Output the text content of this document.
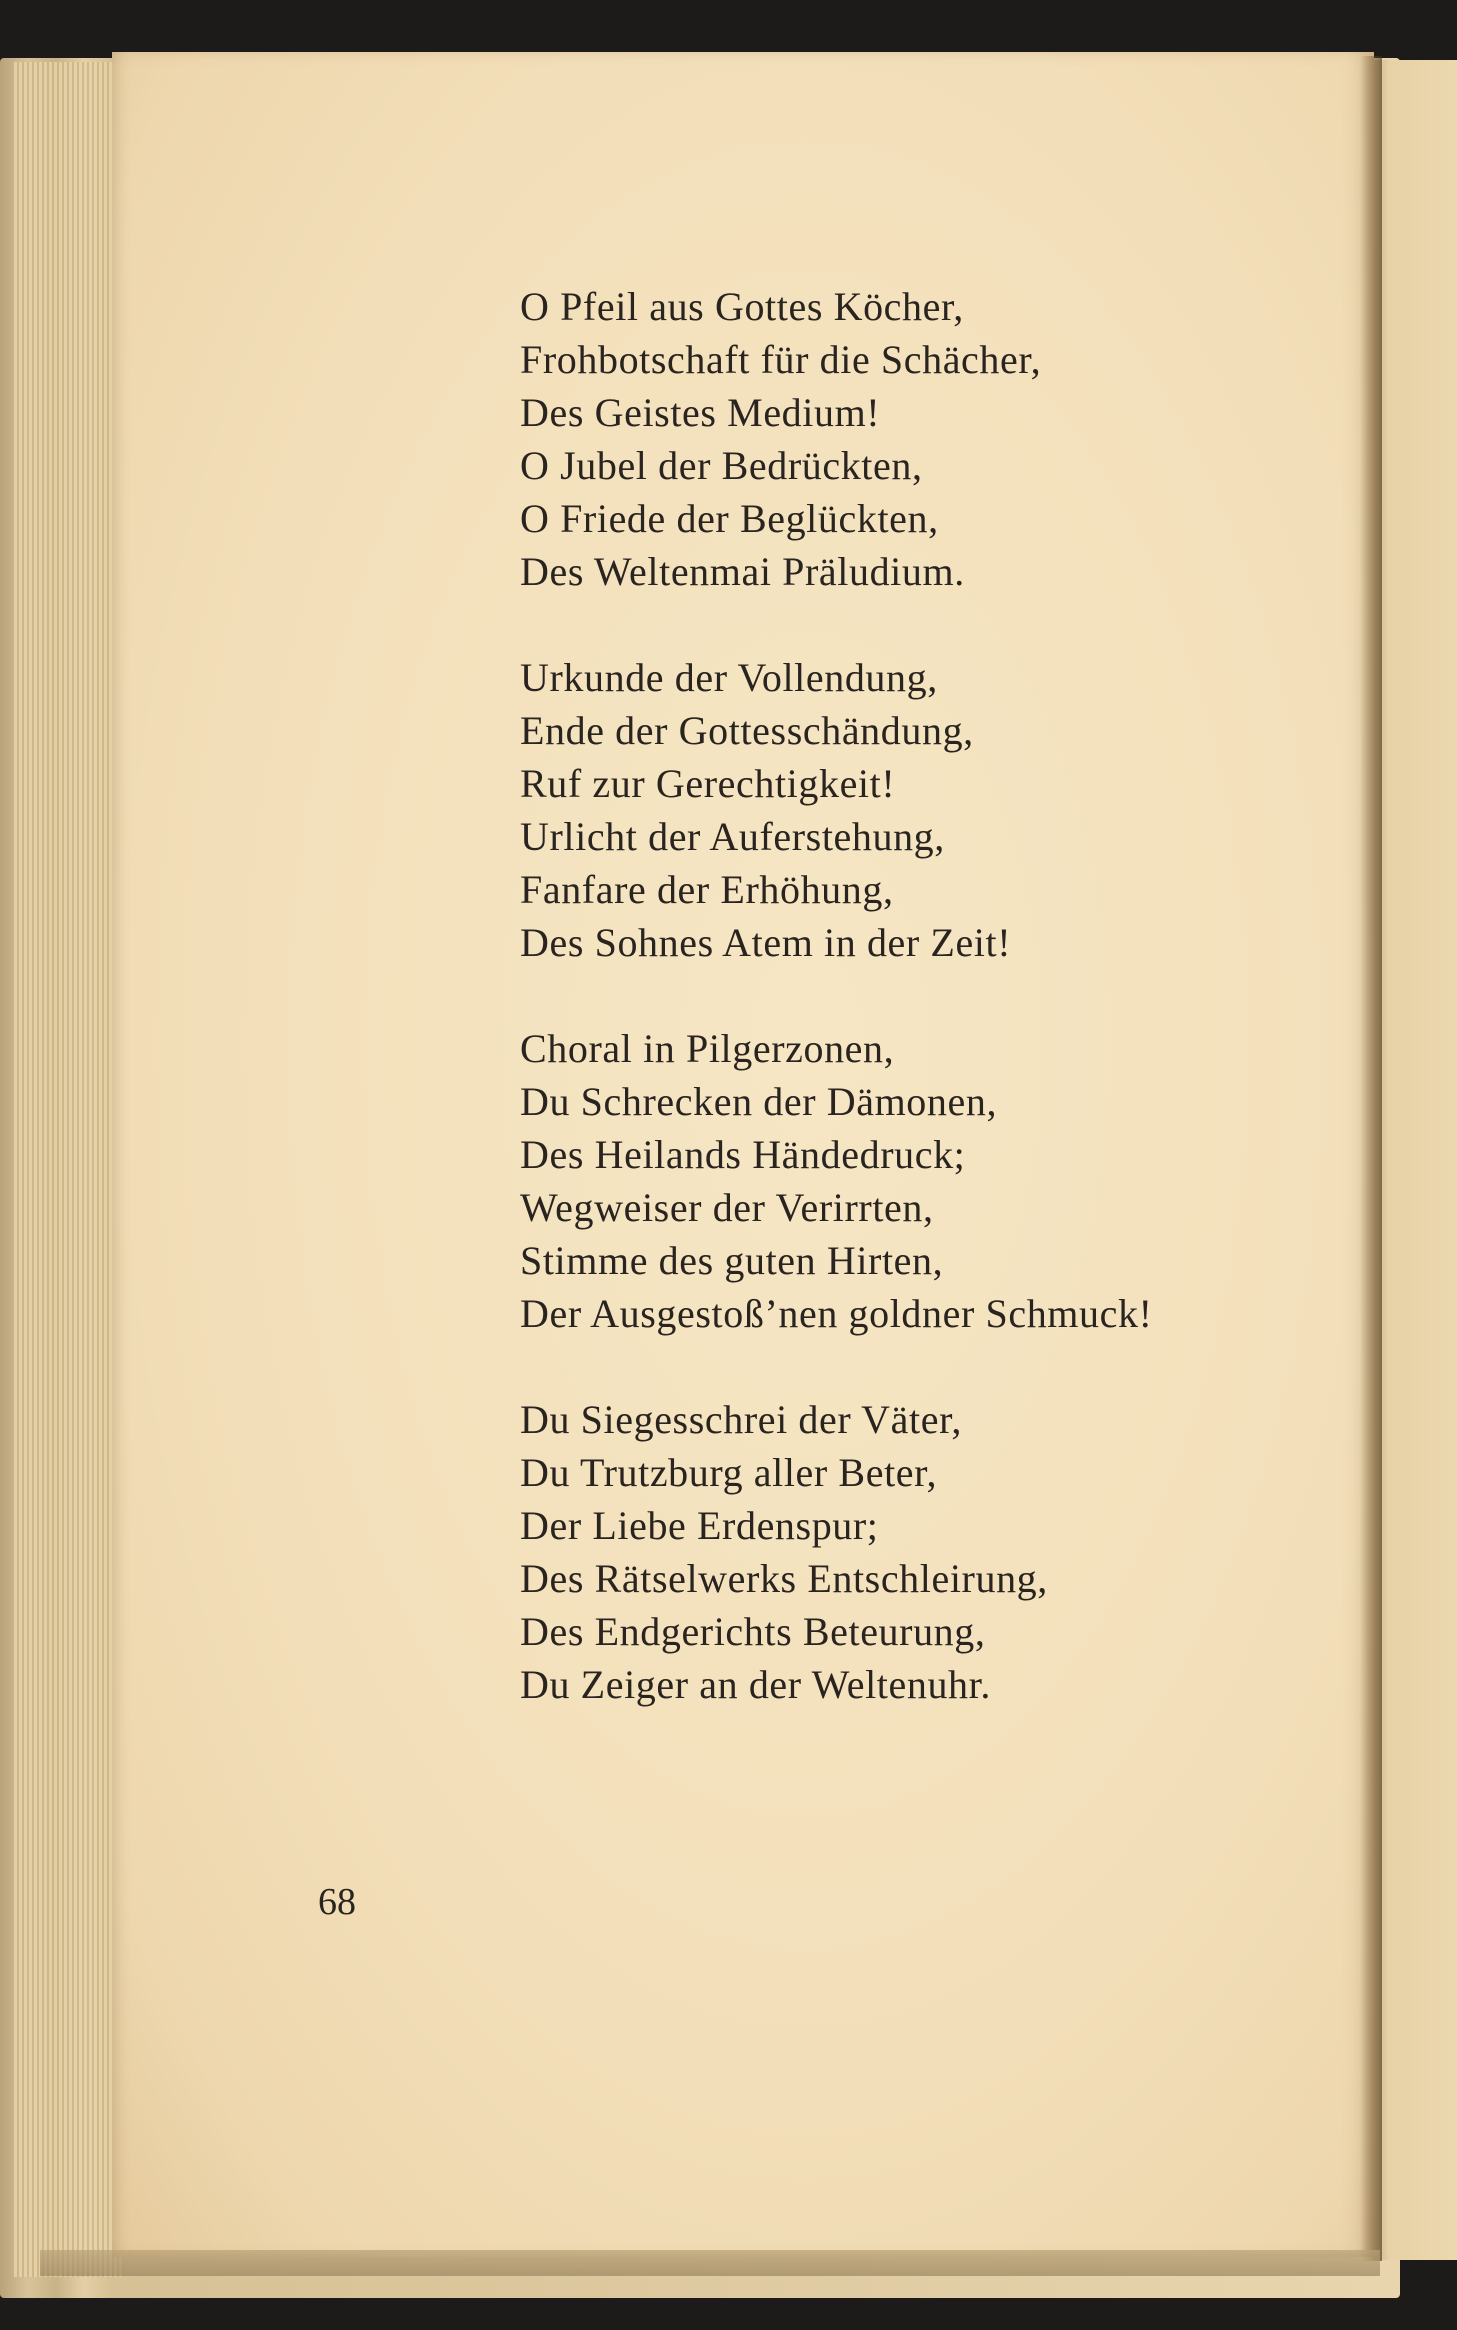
O Pfeil aus Gottes Köcher,
Frohbotschaft für die Schächer,
Des Geistes Medium!
O Jubel der Bedrückten,
O Friede der Beglückten,
Des Weltenmai Präludium.
Urkunde der Vollendung,
Ende der Gottesschändung,
Ruf zur Gerechtigkeit!
Urlicht der Auferstehung,
Fanfare der Erhöhung,
Des Sohnes Atem in der Zeit!
Choral in Pilgerzonen,
Du Schrecken der Dämonen,
Des Heilands Händedruck;
Wegweiser der Verirrten,
Stimme des guten Hirten,
Der Ausgestoß’nen goldner Schmuck!
Du Siegesschrei der Väter,
Du Trutzburg aller Beter,
Der Liebe Erdenspur;
Des Rätselwerks Entschleirung,
Des Endgerichts Beteurung,
Du Zeiger an der Weltenuhr.
68
